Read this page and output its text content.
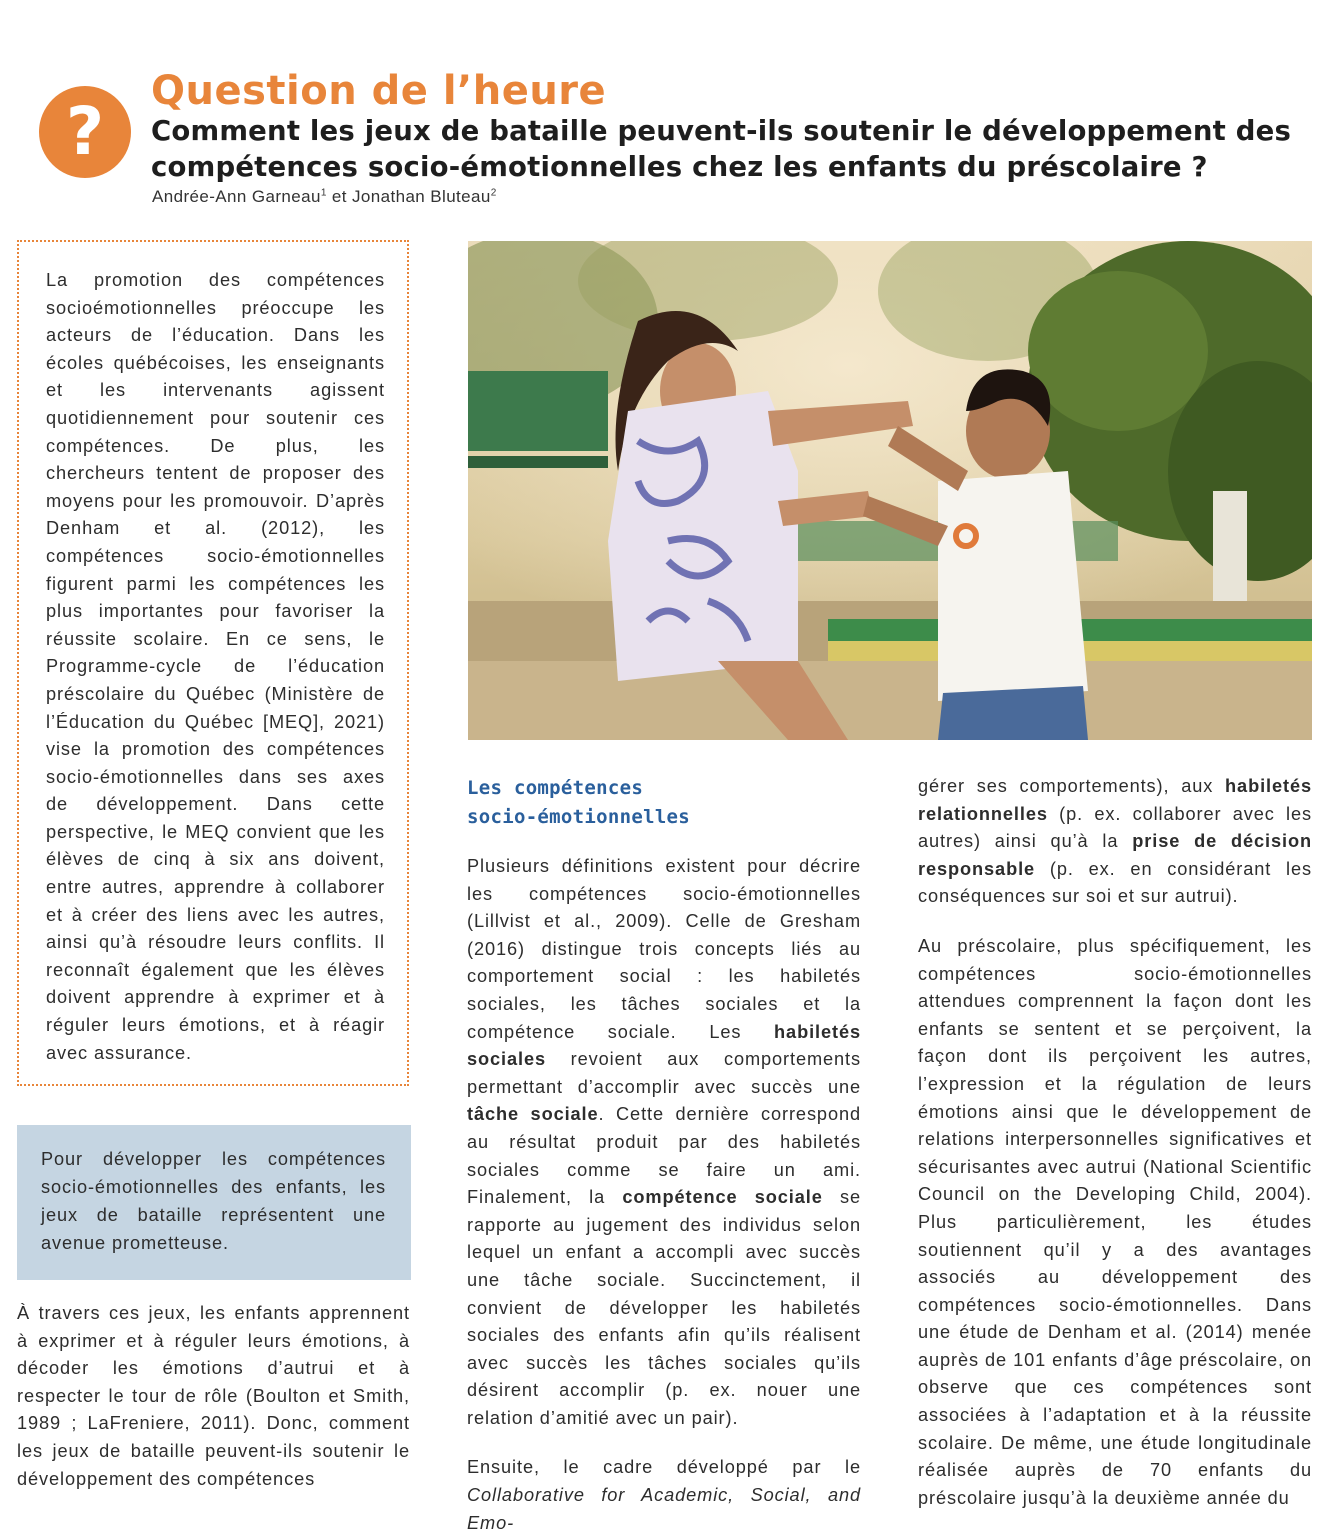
?
Question de l’heure
Comment les jeux de bataille peuvent-ils soutenir le développement des
compétences socio-émotionnelles chez les enfants du préscolaire ?
Andrée-Ann Garneau$^1$ et Jonathan Bluteau$^2$

La promotion des compétences socioémotionnelles préoccupe les acteurs de l’éducation. Dans les écoles québécoises, les enseignants et les intervenants agissent quotidiennement pour soutenir ces compétences. De plus, les chercheurs tentent de proposer des moyens pour les promouvoir. D’après Denham et al. (2012), les compétences socio-émotionnelles figurent parmi les compétences les plus importantes pour favoriser la réussite scolaire. En ce sens, le Programme-cycle de l’éducation préscolaire du Québec (Ministère de l’Éducation du Québec [MEQ], 2021) vise la promotion des compétences socio-émotionnelles dans ses axes de développement. Dans cette perspective, le MEQ convient que les élèves de cinq à six ans doivent, entre autres, apprendre à collaborer et à créer des liens avec les autres, ainsi qu’à résoudre leurs conflits. Il reconnaît également que les élèves doivent apprendre à exprimer et à réguler leurs émotions, et à réagir avec assurance.

Pour développer les compétences socio-émotionnelles des enfants, les jeux de bataille représentent une avenue prometteuse.

À travers ces jeux, les enfants apprennent à exprimer et à réguler leurs émotions, à décoder les émotions d’autrui et à respecter le tour de rôle (Boulton et Smith, 1989 ; LaFreniere, 2011). Donc, comment les jeux de bataille peuvent-ils soutenir le développement des compétences

Les compétences
socio-émotionnelles

Plusieurs définitions existent pour décrire les compétences socio-émotionnelles (Lillvist et al., 2009). Celle de Gresham (2016) distingue trois concepts liés au comportement social : les habiletés sociales, les tâches sociales et la compétence sociale. Les habiletés sociales revoient aux comportements permettant d’accomplir avec succès une tâche sociale. Cette dernière correspond au résultat produit par des habiletés sociales comme se faire un ami. Finalement, la compétence sociale se rapporte au jugement des individus selon lequel un enfant a accompli avec succès une tâche sociale. Succinctement, il convient de développer les habiletés sociales des enfants afin qu’ils réalisent avec succès les tâches sociales qu’ils désirent accomplir (p. ex. nouer une relation d’amitié avec un pair).

Ensuite, le cadre développé par le Collaborative for Academic, Social, and Emo-

gérer ses comportements), aux habiletés relationnelles (p. ex. collaborer avec les autres) ainsi qu’à la prise de décision responsable (p. ex. en considérant les conséquences sur soi et sur autrui).

Au préscolaire, plus spécifiquement, les compétences socio-émotionnelles attendues comprennent la façon dont les enfants se sentent et se perçoivent, la façon dont ils perçoivent les autres, l’expression et la régulation de leurs émotions ainsi que le développement de relations interpersonnelles significatives et sécurisantes avec autrui (National Scientific Council on the Developing Child, 2004). Plus particulièrement, les études soutiennent qu’il y a des avantages associés au développement des compétences socio-émotionnelles. Dans une étude de Denham et al. (2014) menée auprès de 101 enfants d’âge préscolaire, on observe que ces compétences sont associées à l’adaptation et à la réussite scolaire. De même, une étude longitudinale réalisée auprès de 70 enfants du préscolaire jusqu’à la deuxième année du
